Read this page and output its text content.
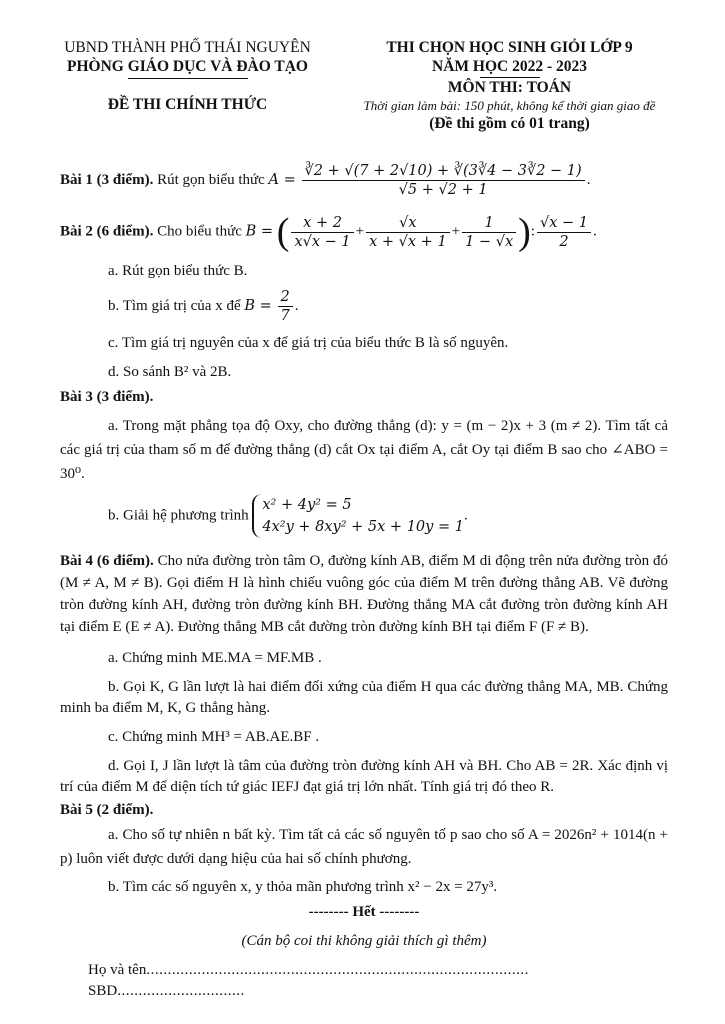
UBND THÀNH PHỐ THÁI NGUYÊN
PHÒNG GIÁO DỤC VÀ ĐÀO TẠO
ĐỀ THI CHÍNH THỨC
THI CHỌN HỌC SINH GIỎI LỚP 9
NĂM HỌC 2022 - 2023
MÔN THI: TOÁN
Thời gian làm bài: 150 phút, không kể thời gian giao đề
(Đề thi gồm có 01 trang)
Bài 1 (3 điểm). Rút gọn biểu thức $A = \frac{∛2 + √(7 + 2√10) + ∛(3∛4 - 3∛2 - 1)}{√5 + √2 + 1}$ .
Bài 2 (6 điểm). Cho biểu thức B = ( $\frac{x + 2}{x√x - 1} + \frac{√x}{x + √x + 1} + \frac{1}{1 - √x}$ ): $\frac{√x - 1}{2}$ .
a. Rút gọn biểu thức B.
b. Tìm giá trị của x để $B = \frac{2}{7}$ .
c. Tìm giá trị nguyên của x để giá trị của biểu thức B là số nguyên.
d. So sánh B² và 2B.
Bài 3 (3 điểm).
a. Trong mặt phẳng tọa độ Oxy, cho đường thẳng (d): y = (m − 2)x + 3 (m ≠ 2). Tìm tất cả các giá trị của tham số m để đường thẳng (d) cắt Ox tại điểm A, cắt Oy tại điểm B sao cho ∠ABO = 30⁰.
b. Giải hệ phương trình
x² + 4y² = 5
4x²y + 8xy² + 5x + 10y = 1
.
Bài 4 (6 điểm). Cho nửa đường tròn tâm O, đường kính AB, điểm M di động trên nửa đường tròn đó (M ≠ A, M ≠ B). Gọi điểm H là hình chiếu vuông góc của điểm M trên đường thẳng AB. Vẽ đường tròn đường kính AH, đường tròn đường kính BH. Đường thẳng MA cắt đường tròn đường kính AH tại điểm E (E ≠ A). Đường thẳng MB cắt đường tròn đường kính BH tại điểm F (F ≠ B).
a. Chứng minh ME.MA = MF.MB .
b. Gọi K, G lần lượt là hai điểm đối xứng của điểm H qua các đường thẳng MA, MB. Chứng minh ba điểm M, K, G thẳng hàng.
c. Chứng minh MH³ = AB.AE.BF .
d. Gọi I, J lần lượt là tâm của đường tròn đường kính AH và BH. Cho AB = 2R. Xác định vị trí của điểm M để diện tích tứ giác IEFJ đạt giá trị lớn nhất. Tính giá trị đó theo R.
Bài 5 (2 điểm).
a. Cho số tự nhiên n bất kỳ. Tìm tất cả các số nguyên tố p sao cho số A = 2026n² + 1014(n + p) luôn viết được dưới dạng hiệu của hai số chính phương.
b. Tìm các số nguyên x, y thỏa mãn phương trình x² − 2x = 27y³.
-------- Hết --------
(Cán bộ coi thi không giải thích gì thêm)
Họ và tên.......................................................................................... SBD..............................
